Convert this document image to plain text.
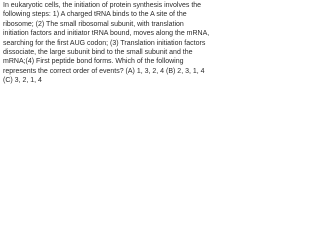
In eukaryotic cells, the initiation of protein synthesis involves the following steps: 1) A charged tRNA binds to the A site of the ribosome; (2) The small ribosomal subunit, with translation initiation factors and initiator tRNA bound, moves along the mRNA, searching for the first AUG codon; (3) Translation initiation factors dissociate, the large subunit bind to the small subunit and the mRNA;(4) First peptide bond forms. Which of the following represents the correct order of events? (A) 1, 3, 2, 4 (B) 2, 3, 1, 4 (C) 3, 2, 1, 4
